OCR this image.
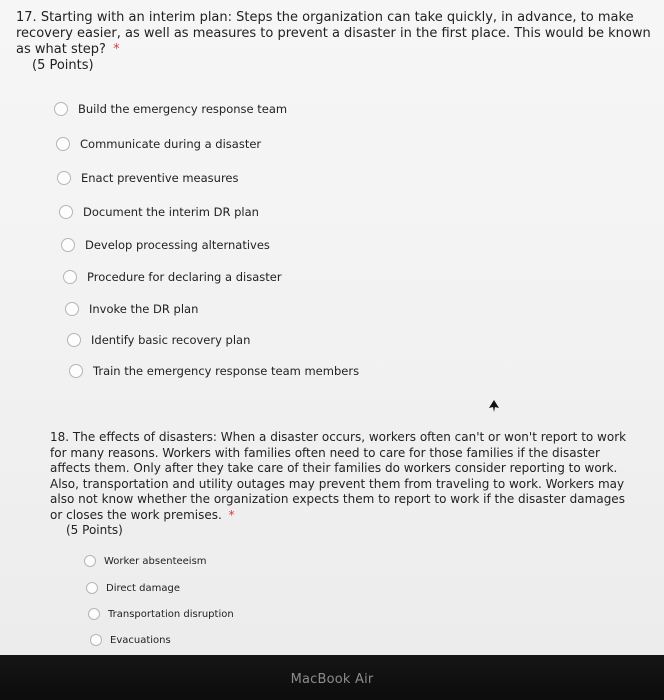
17. Starting with an interim plan: Steps the organization can take quickly, in advance, to make recovery easier, as well as measures to prevent a disaster in the first place. This would be known as what step? *
(5 Points)
Build the emergency response team
Communicate during a disaster
Enact preventive measures
Document the interim DR plan
Develop processing alternatives
Procedure for declaring a disaster
Invoke the DR plan
Identify basic recovery plan
Train the emergency response team members
18. The effects of disasters: When a disaster occurs, workers often can't or won't report to work for many reasons. Workers with families often need to care for those families if the disaster affects them. Only after they take care of their families do workers consider reporting to work. Also, transportation and utility outages may prevent them from traveling to work. Workers may also not know whether the organization expects them to report to work if the disaster damages or closes the work premises. *
(5 Points)
Worker absenteeism
Direct damage
Transportation disruption
Evacuations
MacBook Air
